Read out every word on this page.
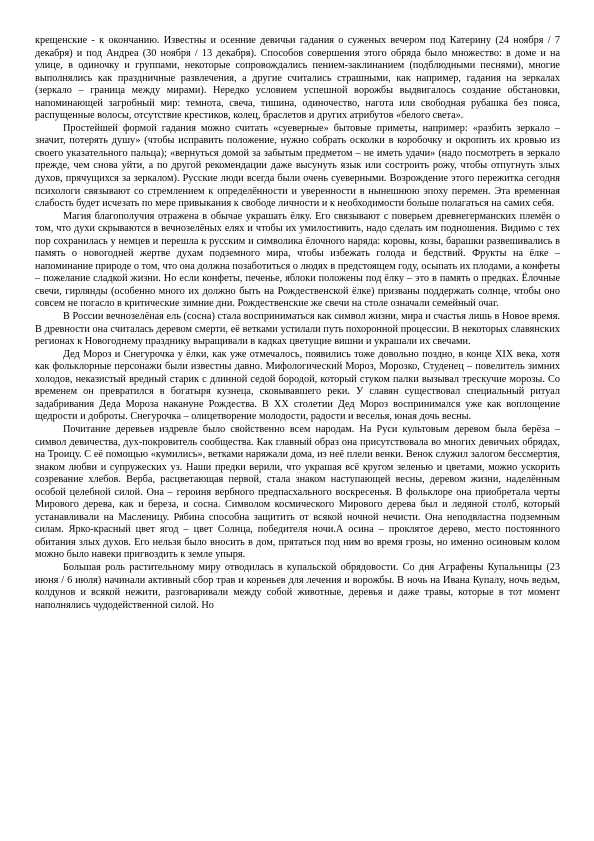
крещенские - к окончанию. Известны и осенние девичьи гадания о суженых вечером под Катерину (24 ноября / 7 декабря) и под Андреа (30 ноября / 13 декабря). Способов совершения этого обряда было множество: в доме и на улице, в одиночку и группами, некоторые сопровождались пением-заклинанием (подблюдными песнями), многие выполнялись как праздничные развлечения, а другие считались страшными, как например, гадания на зеркалах (зеркало – граница между мирами). Нередко условием успешной ворожбы выдвигалось создание обстановки, напоминающей загробный мир: темнота, свеча, тишина, одиночество, нагота или свободная рубашка без пояса, распущенные волосы, отсутствие крестиков, колец, браслетов и других атрибутов «белого света».

Простейшей формой гадания можно считать «суеверные» бытовые приметы, например: «разбить зеркало – значит, потерять душу» (чтобы исправить положение, нужно собрать осколки в коробочку и окропить их кровью из своего указательного пальца); «вернуться домой за забытым предметом – не иметь удачи» (надо посмотреть в зеркало прежде, чем снова уйти, а по другой рекомендации даже высунуть язык или состроить рожу, чтобы отпугнуть злых духов, прячущихся за зеркалом). Русские люди всегда были очень суеверными. Возрождение этого пережитка сегодня психологи связывают со стремлением к определённости и уверенности в нынешнюю эпоху перемен. Эта временная слабость будет исчезать по мере привыкания к свободе личности и к необходимости больше полагаться на самих себя.

Магия благополучия отражена в обычае украшать ёлку. Его связывают с поверьем древнегерманских племён о том, что духи скрываются в вечнозелёных елях и чтобы их умилостивить, надо сделать им подношения. Видимо с тех пор сохранилась у немцев и перешла к русским и символика ёлочного наряда: коровы, козы, барашки развешивались в память о новогодней жертве духам подземного мира, чтобы избежать голода и бедствий. Фрукты на ёлке – напоминание природе о том, что она должна позаботиться о людях в предстоящем году, осыпать их плодами, а конфеты – пожелание сладкой жизни. Но если конфеты, печенье, яблоки положены под ёлку – это в память о предках. Ёлочные свечи, гирлянды (особенно много их должно быть на Рождественской ёлке) призваны поддержать солнце, чтобы оно совсем не погасло в критические зимние дни. Рождественские же свечи на столе означали семейный очаг.

В России вечнозелёная ель (сосна) стала восприниматься как символ жизни, мира и счастья лишь в Новое время. В древности она считалась деревом смерти, её ветками устилали путь похоронной процессии. В некоторых славянских регионах к Новогоднему празднику выращивали в кадках цветущие вишни и украшали их свечами.

Дед Мороз и Снегурочка у ёлки, как уже отмечалось, появились тоже довольно поздно, в конце XIX века, хотя как фольклорные персонажи были известны давно. Мифологический Мороз, Морозко, Студенец – повелитель зимних холодов, неказистый вредный старик с длинной седой бородой, который стуком палки вызывал трескучие морозы. Со временем он превратился в богатыря кузнеца, сковывавшего реки. У славян существовал специальный ритуал задабривания Деда Мороза накануне Рождества. В XX столетии Дед Мороз воспринимался уже как воплощение щедрости и доброты. Снегурочка – олицетворение молодости, радости и веселья, юная дочь весны.

Почитание деревьев издревле было свойственно всем народам. На Руси культовым деревом была берёза – символ девичества, дух-покровитель сообщества. Как главный образ она присутствовала во многих девичьих обрядах, на Троицу. С её помощью «кумились», ветками наряжали дома, из неё плели венки. Венок служил залогом бессмертия, знаком любви и супружеских уз. Наши предки верили, что украшая всё кругом зеленью и цветами, можно ускорить созревание хлебов. Верба, расцветающая первой, стала знаком наступающей весны, деревом жизни, наделённым особой целебной силой. Она – героиня вербного предпасхального воскресенья. В фольклоре она приобретала черты Мирового дерева, как и береза, и сосна. Символом космического Мирового дерева был и ледяной столб, который устанавливали на Масленицу. Рябина способна защитить от всякой ночной нечисти. Она неподвластна подземным силам. Ярко-красный цвет ягод – цвет Солнца, победителя ночи.А осина – проклятое дерево, место постоянного обитания злых духов. Его нельзя было вносить в дом, прятаться под ним во время грозы, но именно осиновым колом можно было навеки пригвоздить к земле упыря.

Большая роль растительному миру отводилась в купальской обрядовости. Со дня Аграфены Купальницы (23 июня / 6 июля) начинали активный сбор трав и кореньев для лечения и ворожбы. В ночь на Ивана Купалу, ночь ведьм, колдунов и всякой нежити, разговаривали между собой животные, деревья и даже травы, которые в тот момент наполнялись чудодейственной силой. Но
